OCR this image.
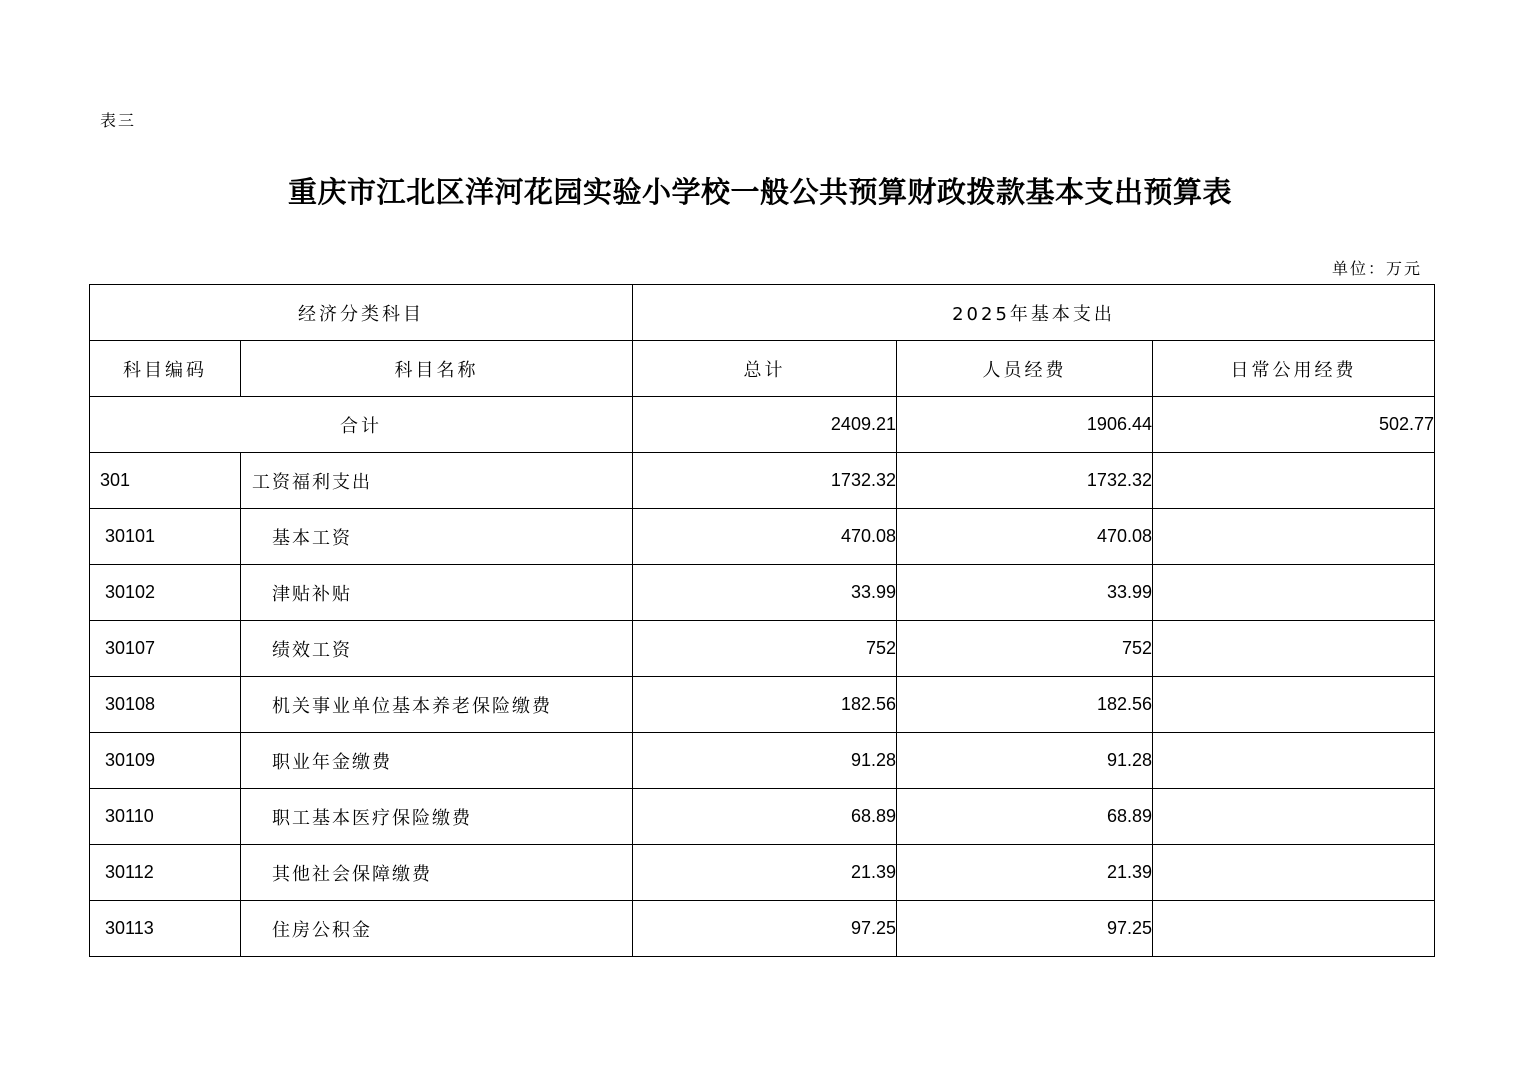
表三
重庆市江北区洋河花园实验小学校一般公共预算财政拨款基本支出预算表
单位：万元
经济分类科目		2025年基本支出		
科目编码	科目名称	总计	人员经费	日常公用经费
合计		2409.21	1906.44	502.77
301	工资福利支出	1732.32	1732.32	
30101	基本工资	470.08	470.08	
30102	津贴补贴	33.99	33.99	
30107	绩效工资	752	752	
30108	机关事业单位基本养老保险缴费	182.56	182.56	
30109	职业年金缴费	91.28	91.28	
30110	职工基本医疗保险缴费	68.89	68.89	
30112	其他社会保障缴费	21.39	21.39	
30113	住房公积金	97.25	97.25	
